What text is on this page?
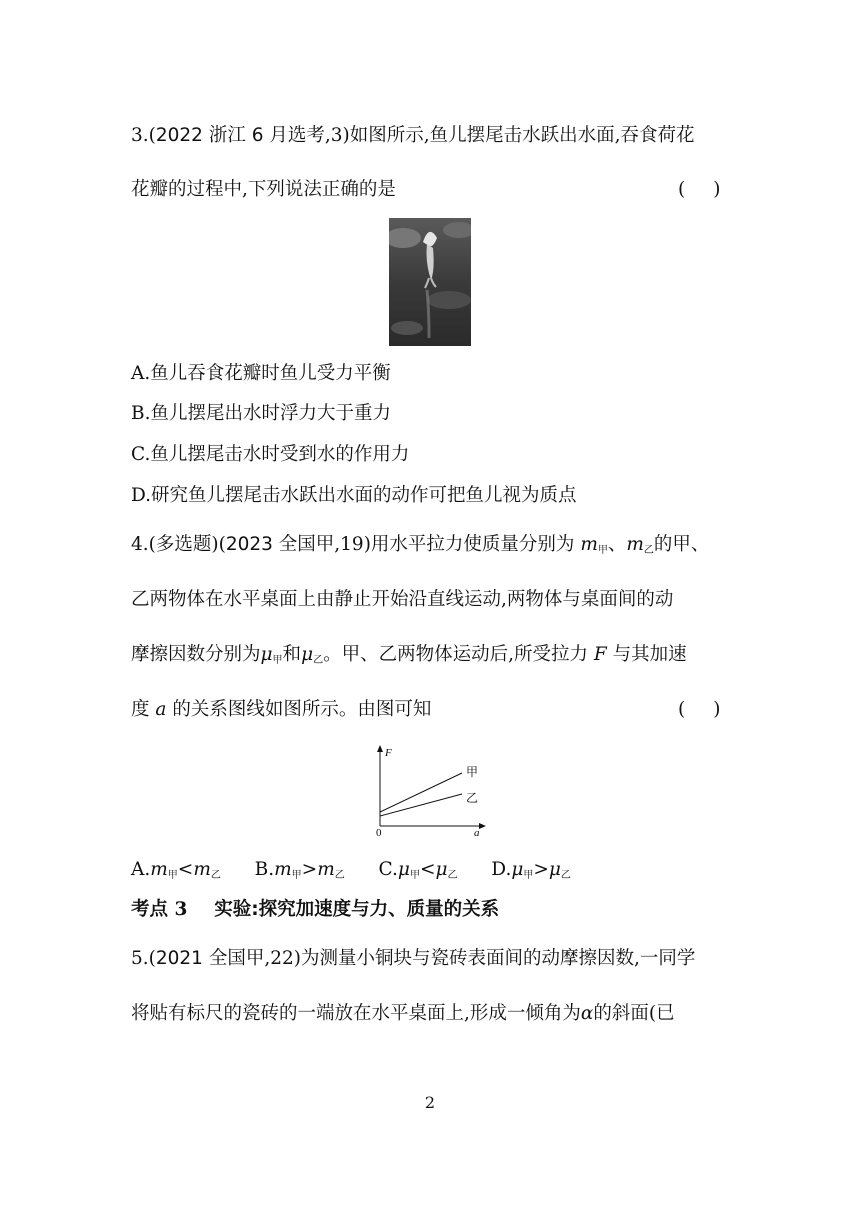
3.(2022 浙江 6 月选考,3)如图所示,鱼儿摆尾击水跃出水面,吞食荷花
花瓣的过程中,下列说法正确的是	( )
A.鱼儿吞食花瓣时鱼儿受力平衡
B.鱼儿摆尾出水时浮力大于重力
C.鱼儿摆尾击水时受到水的作用力
D.研究鱼儿摆尾击水跃出水面的动作可把鱼儿视为质点
4.(多选题)(2023 全国甲,19)用水平拉力使质量分别为 $m_甲$、$m_乙$的甲、
乙两物体在水平桌面上由静止开始沿直线运动,两物体与桌面间的动
摩擦因数分别为$\mu_甲$和$\mu_乙$。甲、乙两物体运动后,所受拉力 F 与其加速
度 a 的关系图线如图所示。由图可知	( )
F
a
0
甲
乙
$A.m_甲<m_乙$ $B.m_甲>m_乙$ $C.\mu_甲<\mu_乙$ $D.\mu_甲>\mu_乙$
考点 3 实验:探究加速度与力、质量的关系
5.(2021 全国甲,22)为测量小铜块与瓷砖表面间的动摩擦因数,一同学
将贴有标尺的瓷砖的一端放在水平桌面上,形成一倾角为α的斜面(已
2
